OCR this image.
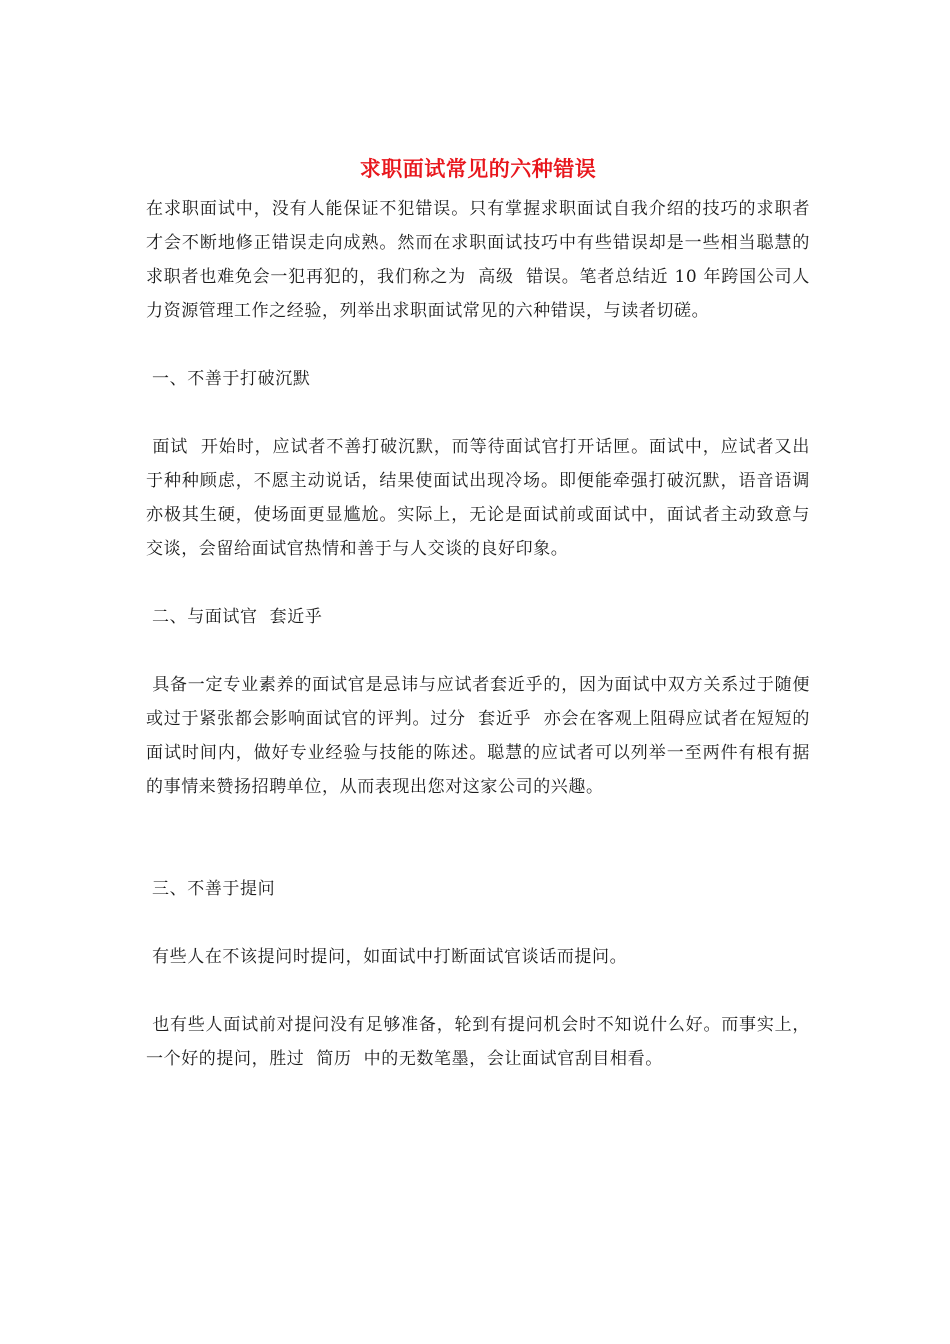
求职面试常见的六种错误

在求职面试中，没有人能保证不犯错误。只有掌握求职面试自我介绍的技巧的求职者才会不断地修正错误走向成熟。然而在求职面试技巧中有些错误却是一些相当聪慧的求职者也难免会一犯再犯的，我们称之为  高级  错误。笔者总结近 10 年跨国公司人力资源管理工作之经验，列举出求职面试常见的六种错误，与读者切磋。

一、不善于打破沉默

面试  开始时，应试者不善打破沉默，而等待面试官打开话匣。面试中，应试者又出于种种顾虑，不愿主动说话，结果使面试出现冷场。即便能牵强打破沉默，语音语调亦极其生硬，使场面更显尴尬。实际上，无论是面试前或面试中，面试者主动致意与交谈，会留给面试官热情和善于与人交谈的良好印象。

二、与面试官  套近乎

具备一定专业素养的面试官是忌讳与应试者套近乎的，因为面试中双方关系过于随便或过于紧张都会影响面试官的评判。过分  套近乎  亦会在客观上阻碍应试者在短短的面试时间内，做好专业经验与技能的陈述。聪慧的应试者可以列举一至两件有根有据的事情来赞扬招聘单位，从而表现出您对这家公司的兴趣。

三、不善于提问

有些人在不该提问时提问，如面试中打断面试官谈话而提问。

也有些人面试前对提问没有足够准备，轮到有提问机会时不知说什么好。而事实上，一个好的提问，胜过  简历  中的无数笔墨，会让面试官刮目相看。
